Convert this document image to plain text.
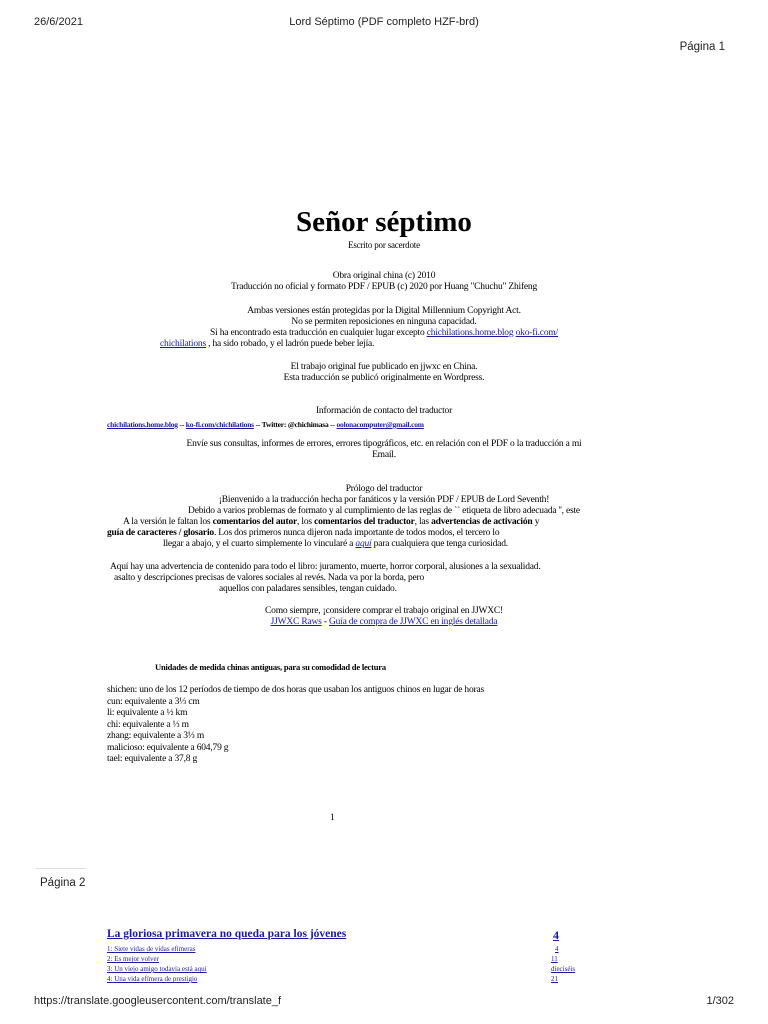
26/6/2021	Lord Séptimo (PDF completo HZF-brd)
Página 1
Señor séptimo
Escrito por sacerdote
Obra original china (c) 2010
Traducción no oficial y formato PDF / EPUB (c) 2020 por Huang "Chuchu" Zhifeng
Ambas versiones están protegidas por la Digital Millennium Copyright Act.
No se permiten reposiciones en ninguna capacidad.
Si ha encontrado esta traducción en cualquier lugar excepto chichilations.home.blog oko-fi.com/
chichilations , ha sido robado, y el ladrón puede beber lejía.
El trabajo original fue publicado en jjwxc en China.
Esta traducción se publicó originalmente en Wordpress.
Información de contacto del traductor
chichilations.home.blog -- ko-fi.com/chichilations -- Twitter: @chichimasa -- oolonacomputer@gmail.com
Envíe sus consultas, informes de errores, errores tipográficos, etc. en relación con el PDF o la traducción a mi
Email.
Prólogo del traductor
¡Bienvenido a la traducción hecha por fanáticos y la versión PDF / EPUB de Lord Seventh!
Debido a varios problemas de formato y al cumplimiento de las reglas de `` etiqueta de libro adecuada '', este
A la versión le faltan los comentarios del autor, los comentarios del traductor, las advertencias de activación y
guía de caracteres / glosario. Los dos primeros nunca dijeron nada importante de todos modos, el tercero lo
llegar a abajo, y el cuarto simplemente lo vincularé a aquí para cualquiera que tenga curiosidad.
Aquí hay una advertencia de contenido para todo el libro: juramento, muerte, horror corporal, alusiones a la sexualidad.
asalto y descripciones precisas de valores sociales al revés. Nada va por la borda, pero
aquellos con paladares sensibles, tengan cuidado.
Como siempre, ¡considere comprar el trabajo original en JJWXC!
JJWXC Raws - Guía de compra de JJWXC en inglés detallada
Unidades de medida chinas antiguas, para su comodidad de lectura
shichen: uno de los 12 períodos de tiempo de dos horas que usaban los antiguos chinos en lugar de horas
cun: equivalente a 3⅓ cm
li: equivalente a ½ km
chi: equivalente a ⅓ m
zhang: equivalente a 3⅓ m
malicioso: equivalente a 604,79 g
tael: equivalente a 37,8 g
1
Página 2
La gloriosa primavera no queda para los jóvenes	4
1: Siete vidas de vidas efímeras	4
2: Es mejor volver	11
3: Un viejo amigo todavía está aquí	dieciséis
4: Una vida efímera de prestigio	21
https://translate.googleusercontent.com/translate_f	1/302
